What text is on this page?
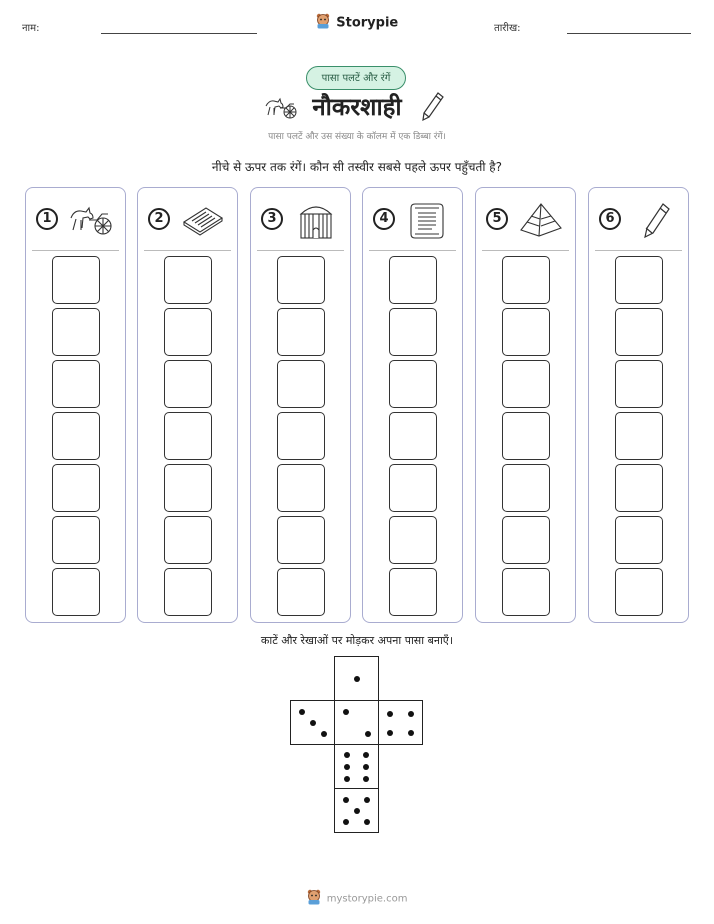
नाम:	Storypie	तारीख:
पासा पलटें और रंगें
नौकरशाही
पासा पलटें और उस संख्या के कॉलम में एक डिब्बा रंगें।
नीचे से ऊपर तक रंगें। कौन सी तस्वीर सबसे पहले ऊपर पहुँचती है?
1	2	3	4	5	6
काटें और रेखाओं पर मोड़कर अपना पासा बनाएँ।
mystorypie.com
